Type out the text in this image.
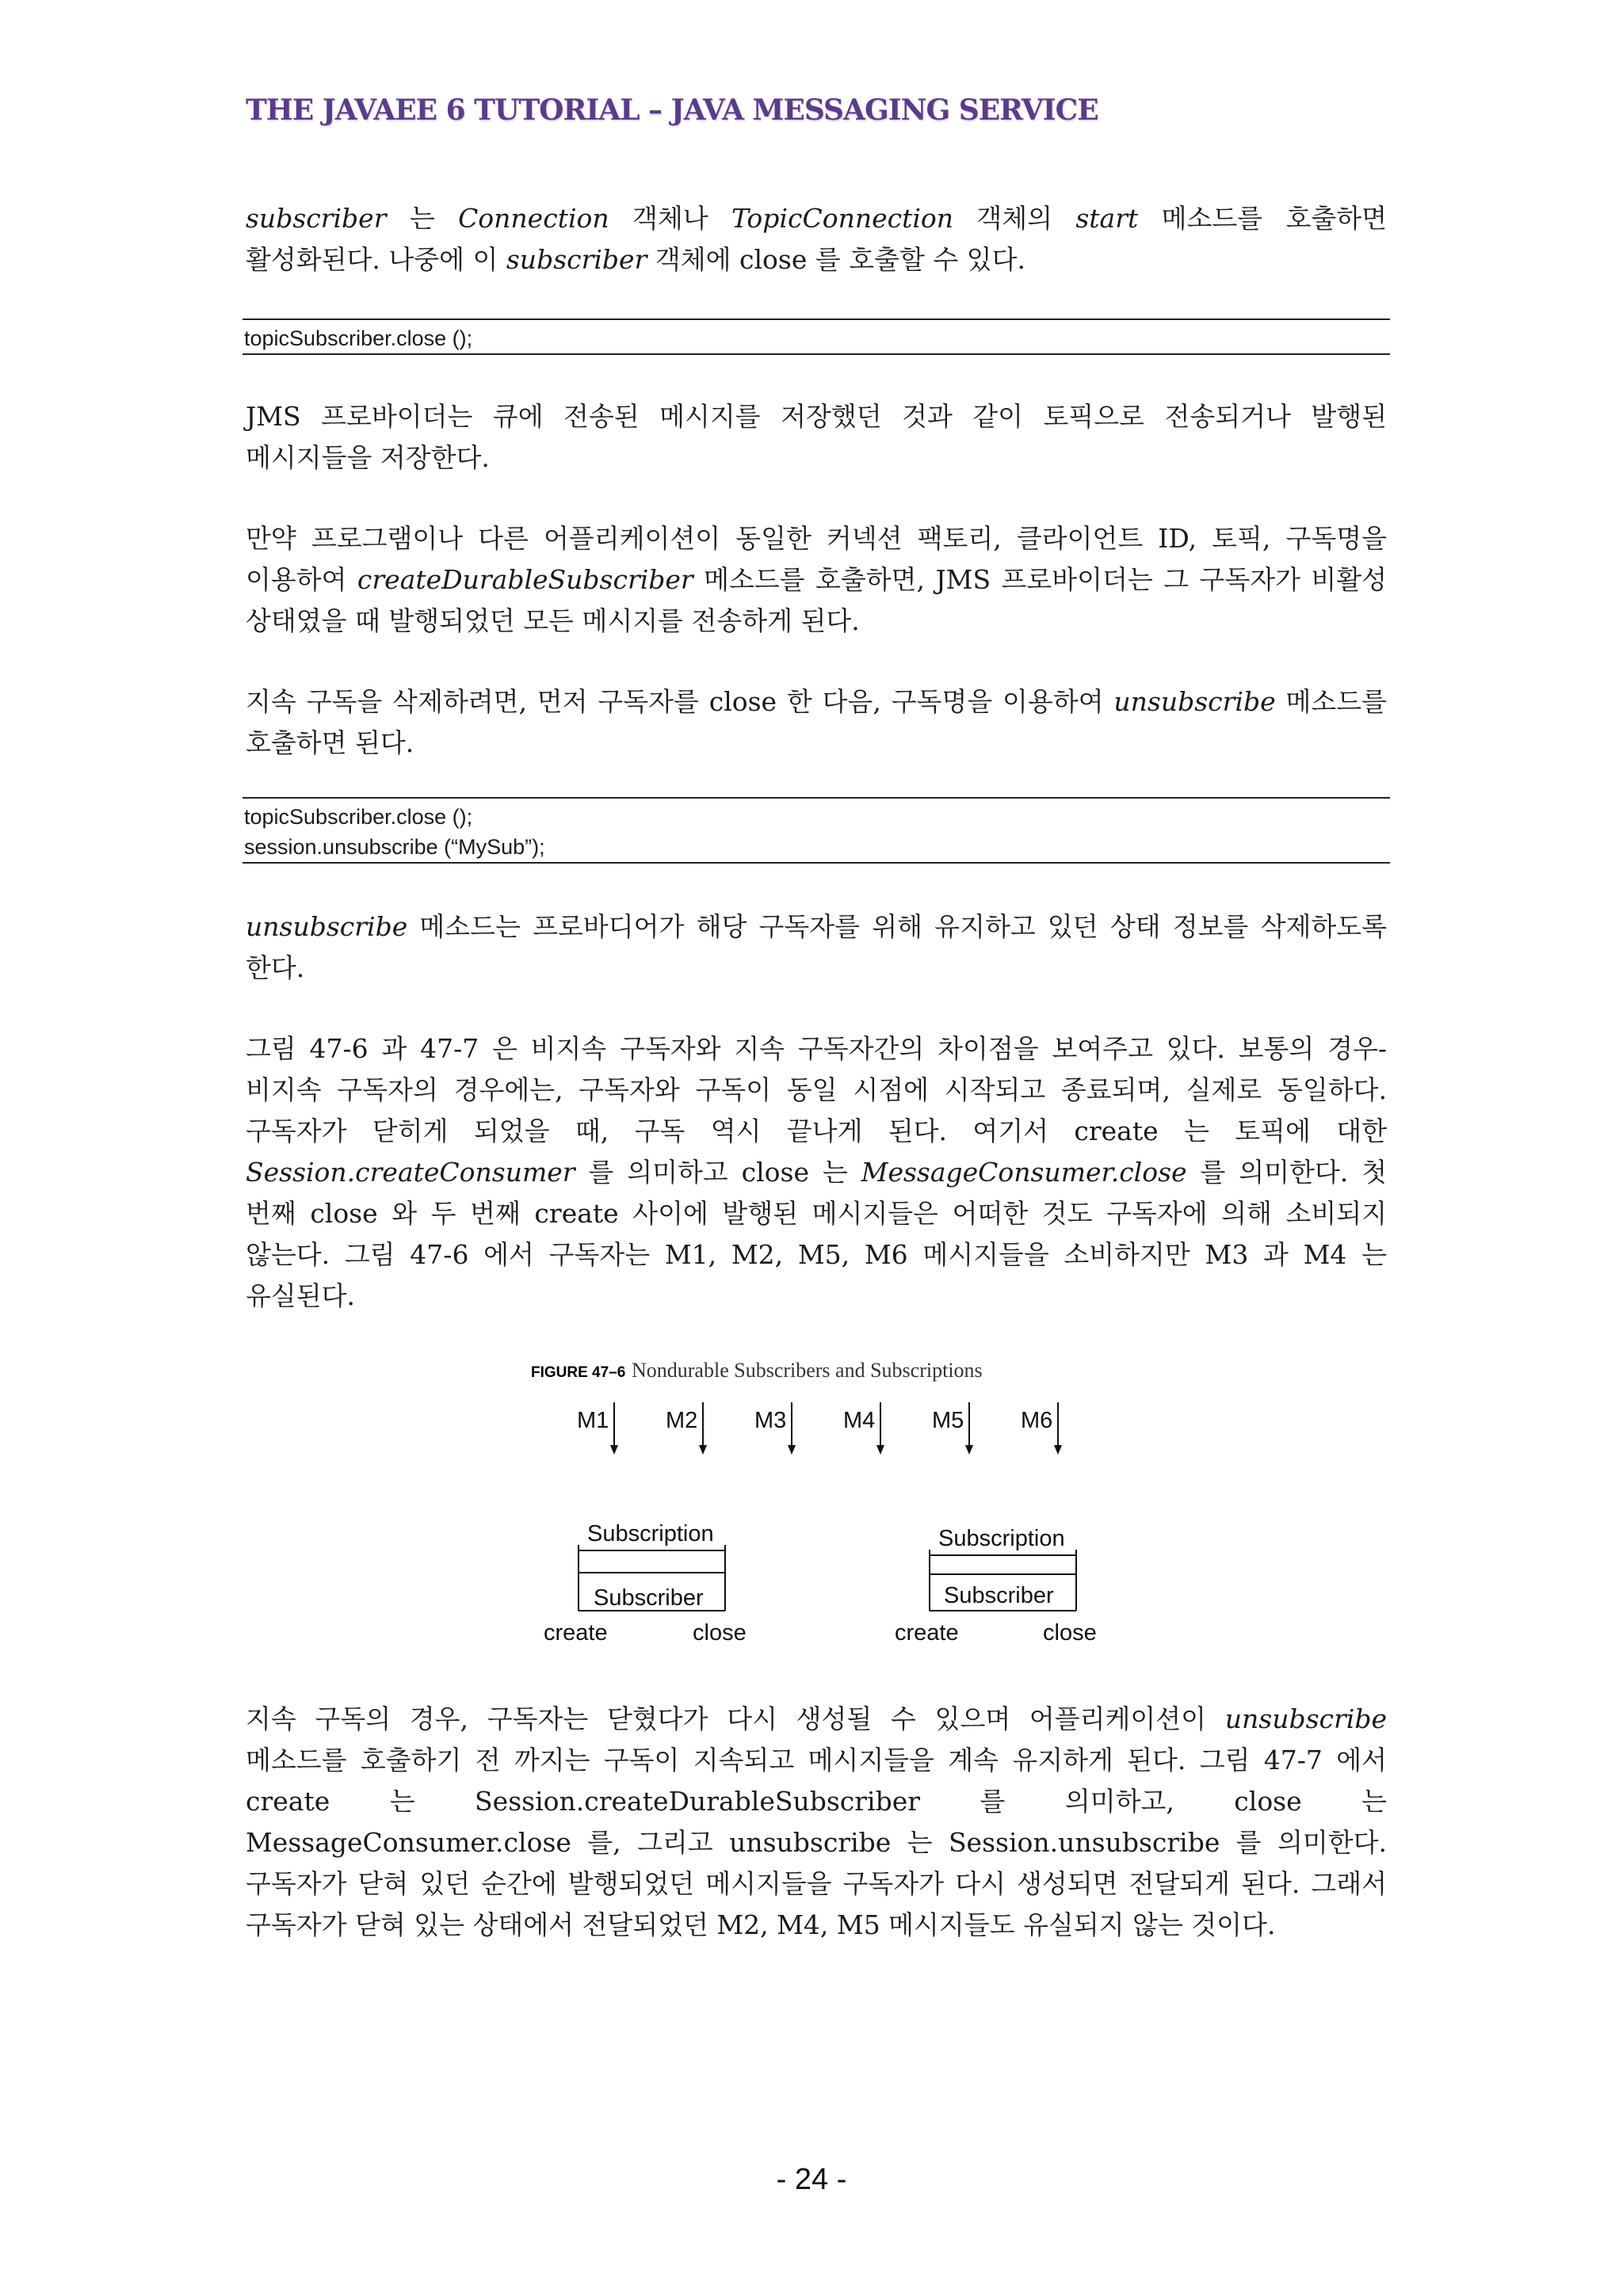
THE JAVAEE 6 TUTORIAL – JAVA MESSAGING SERVICE

subscriber 는 Connection 객체나 TopicConnection 객체의 start 메소드를 호출하면 활성화된다. 나중에 이 subscriber 객체에 close 를 호출할 수 있다.

topicSubscriber.close ();

JMS 프로바이더는 큐에 전송된 메시지를 저장했던 것과 같이 토픽으로 전송되거나 발행된 메시지들을 저장한다.

만약 프로그램이나 다른 어플리케이션이 동일한 커넥션 팩토리, 클라이언트 ID, 토픽, 구독명을 이용하여 createDurableSubscriber 메소드를 호출하면, JMS 프로바이더는 그 구독자가 비활성 상태였을 때 발행되었던 모든 메시지를 전송하게 된다.

지속 구독을 삭제하려면, 먼저 구독자를 close 한 다음, 구독명을 이용하여 unsubscribe 메소드를 호출하면 된다.

topicSubscriber.close ();
session.unsubscribe (“MySub”);

unsubscribe 메소드는 프로바디어가 해당 구독자를 위해 유지하고 있던 상태 정보를 삭제하도록 한다.

그림 47-6 과 47-7 은 비지속 구독자와 지속 구독자간의 차이점을 보여주고 있다. 보통의 경우-비지속 구독자의 경우에는, 구독자와 구독이 동일 시점에 시작되고 종료되며, 실제로 동일하다. 구독자가 닫히게 되었을 때, 구독 역시 끝나게 된다. 여기서 create 는 토픽에 대한 Session.createConsumer 를 의미하고 close 는 MessageConsumer.close 를 의미한다. 첫 번째 close 와 두 번째 create 사이에 발행된 메시지들은 어떠한 것도 구독자에 의해 소비되지 않는다. 그림 47-6 에서 구독자는 M1, M2, M5, M6 메시지들을 소비하지만 M3 과 M4 는 유실된다.

FIGURE 47–6 Nondurable Subscribers and Subscriptions
M1 M2 M3 M4 M5 M6
Subscription
Subscriber
create	close
Subscription
Subscriber
create	close

지속 구독의 경우, 구독자는 닫혔다가 다시 생성될 수 있으며 어플리케이션이 unsubscribe 메소드를 호출하기 전 까지는 구독이 지속되고 메시지들을 계속 유지하게 된다. 그림 47-7 에서 create 는 Session.createDurableSubscriber 를 의미하고, close 는 MessageConsumer.close 를, 그리고 unsubscribe 는 Session.unsubscribe 를 의미한다. 구독자가 닫혀 있던 순간에 발행되었던 메시지들을 구독자가 다시 생성되면 전달되게 된다. 그래서 구독자가 닫혀 있는 상태에서 전달되었던 M2, M4, M5 메시지들도 유실되지 않는 것이다.

- 24 -
